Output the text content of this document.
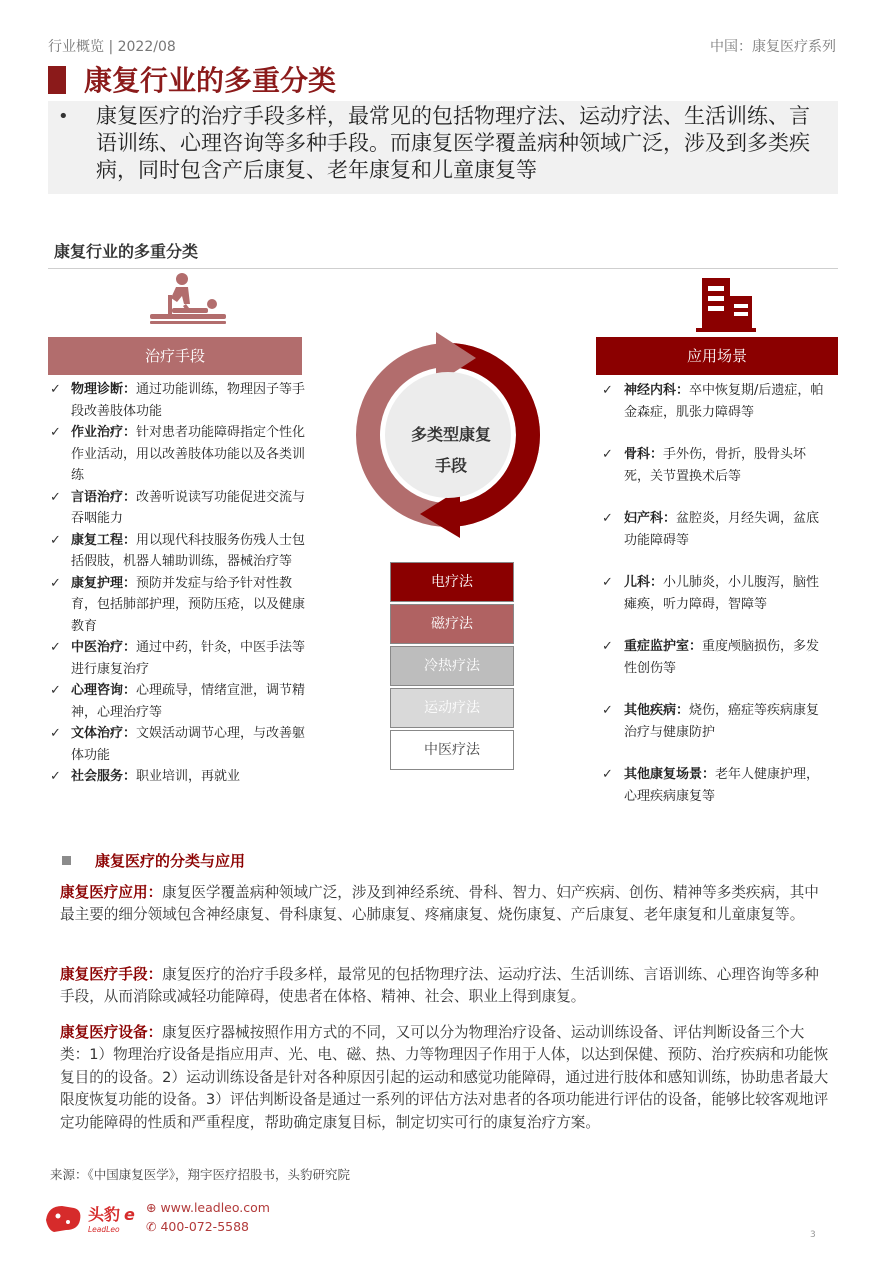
行业概览 | 2022/08	中国：康复医疗系列
康复行业的多重分类
• 康复医疗的治疗手段多样，最常见的包括物理疗法、运动疗法、生活训练、言语训练、心理咨询等多种手段。而康复医学覆盖病种领域广泛，涉及到多类疾病，同时包含产后康复、老年康复和儿童康复等
康复行业的多重分类
治疗手段
✓ 物理诊断：通过功能训练，物理因子等手段改善肢体功能
✓ 作业治疗：针对患者功能障碍指定个性化作业活动，用以改善肢体功能以及各类训练
✓ 言语治疗：改善听说读写功能促进交流与吞咽能力
✓ 康复工程：用以现代科技服务伤残人士包括假肢，机器人辅助训练，器械治疗等
✓ 康复护理：预防并发症与给予针对性教育，包括肺部护理，预防压疮，以及健康教育
✓ 中医治疗：通过中药，针灸，中医手法等进行康复治疗
✓ 心理咨询：心理疏导，情绪宣泄，调节精神，心理治疗等
✓ 文体治疗：文娱活动调节心理，与改善躯体功能
✓ 社会服务：职业培训，再就业
多类型康复
手段
电疗法
磁疗法
冷热疗法
运动疗法
中医疗法
应用场景
✓ 神经内科：卒中恢复期/后遗症，帕金森症，肌张力障碍等
✓ 骨科：手外伤，骨折，股骨头坏死，关节置换术后等
✓ 妇产科：盆腔炎，月经失调，盆底功能障碍等
✓ 儿科：小儿肺炎，小儿腹泻，脑性瘫痪，听力障碍，智障等
✓ 重症监护室：重度颅脑损伤，多发性创伤等
✓ 其他疾病：烧伤，癌症等疾病康复治疗与健康防护
✓ 其他康复场景：老年人健康护理，心理疾病康复等
康复医疗的分类与应用
康复医疗应用：康复医学覆盖病种领域广泛，涉及到神经系统、骨科、智力、妇产疾病、创伤、精神等多类疾病，其中最主要的细分领域包含神经康复、骨科康复、心肺康复、疼痛康复、烧伤康复、产后康复、老年康复和儿童康复等。
康复医疗手段：康复医疗的治疗手段多样，最常见的包括物理疗法、运动疗法、生活训练、言语训练、心理咨询等多种手段，从而消除或减轻功能障碍，使患者在体格、精神、社会、职业上得到康复。
康复医疗设备：康复医疗器械按照作用方式的不同，又可以分为物理治疗设备、运动训练设备、评估判断设备三个大类：1）物理治疗设备是指应用声、光、电、磁、热、力等物理因子作用于人体，以达到保健、预防、治疗疾病和功能恢复目的的设备。2）运动训练设备是针对各种原因引起的运动和感觉功能障碍，通过进行肢体和感知训练，协助患者最大限度恢复功能的设备。3）评估判断设备是通过一系列的评估方法对患者的各项功能进行评估的设备，能够比较客观地评定功能障碍的性质和严重程度，帮助确定康复目标，制定切实可行的康复治疗方案。
来源：《中国康复医学》，翔宇医疗招股书，头豹研究院
头豹
LeadLeo
e ⊕ www.leadleo.com
✆ 400-072-5588
3
